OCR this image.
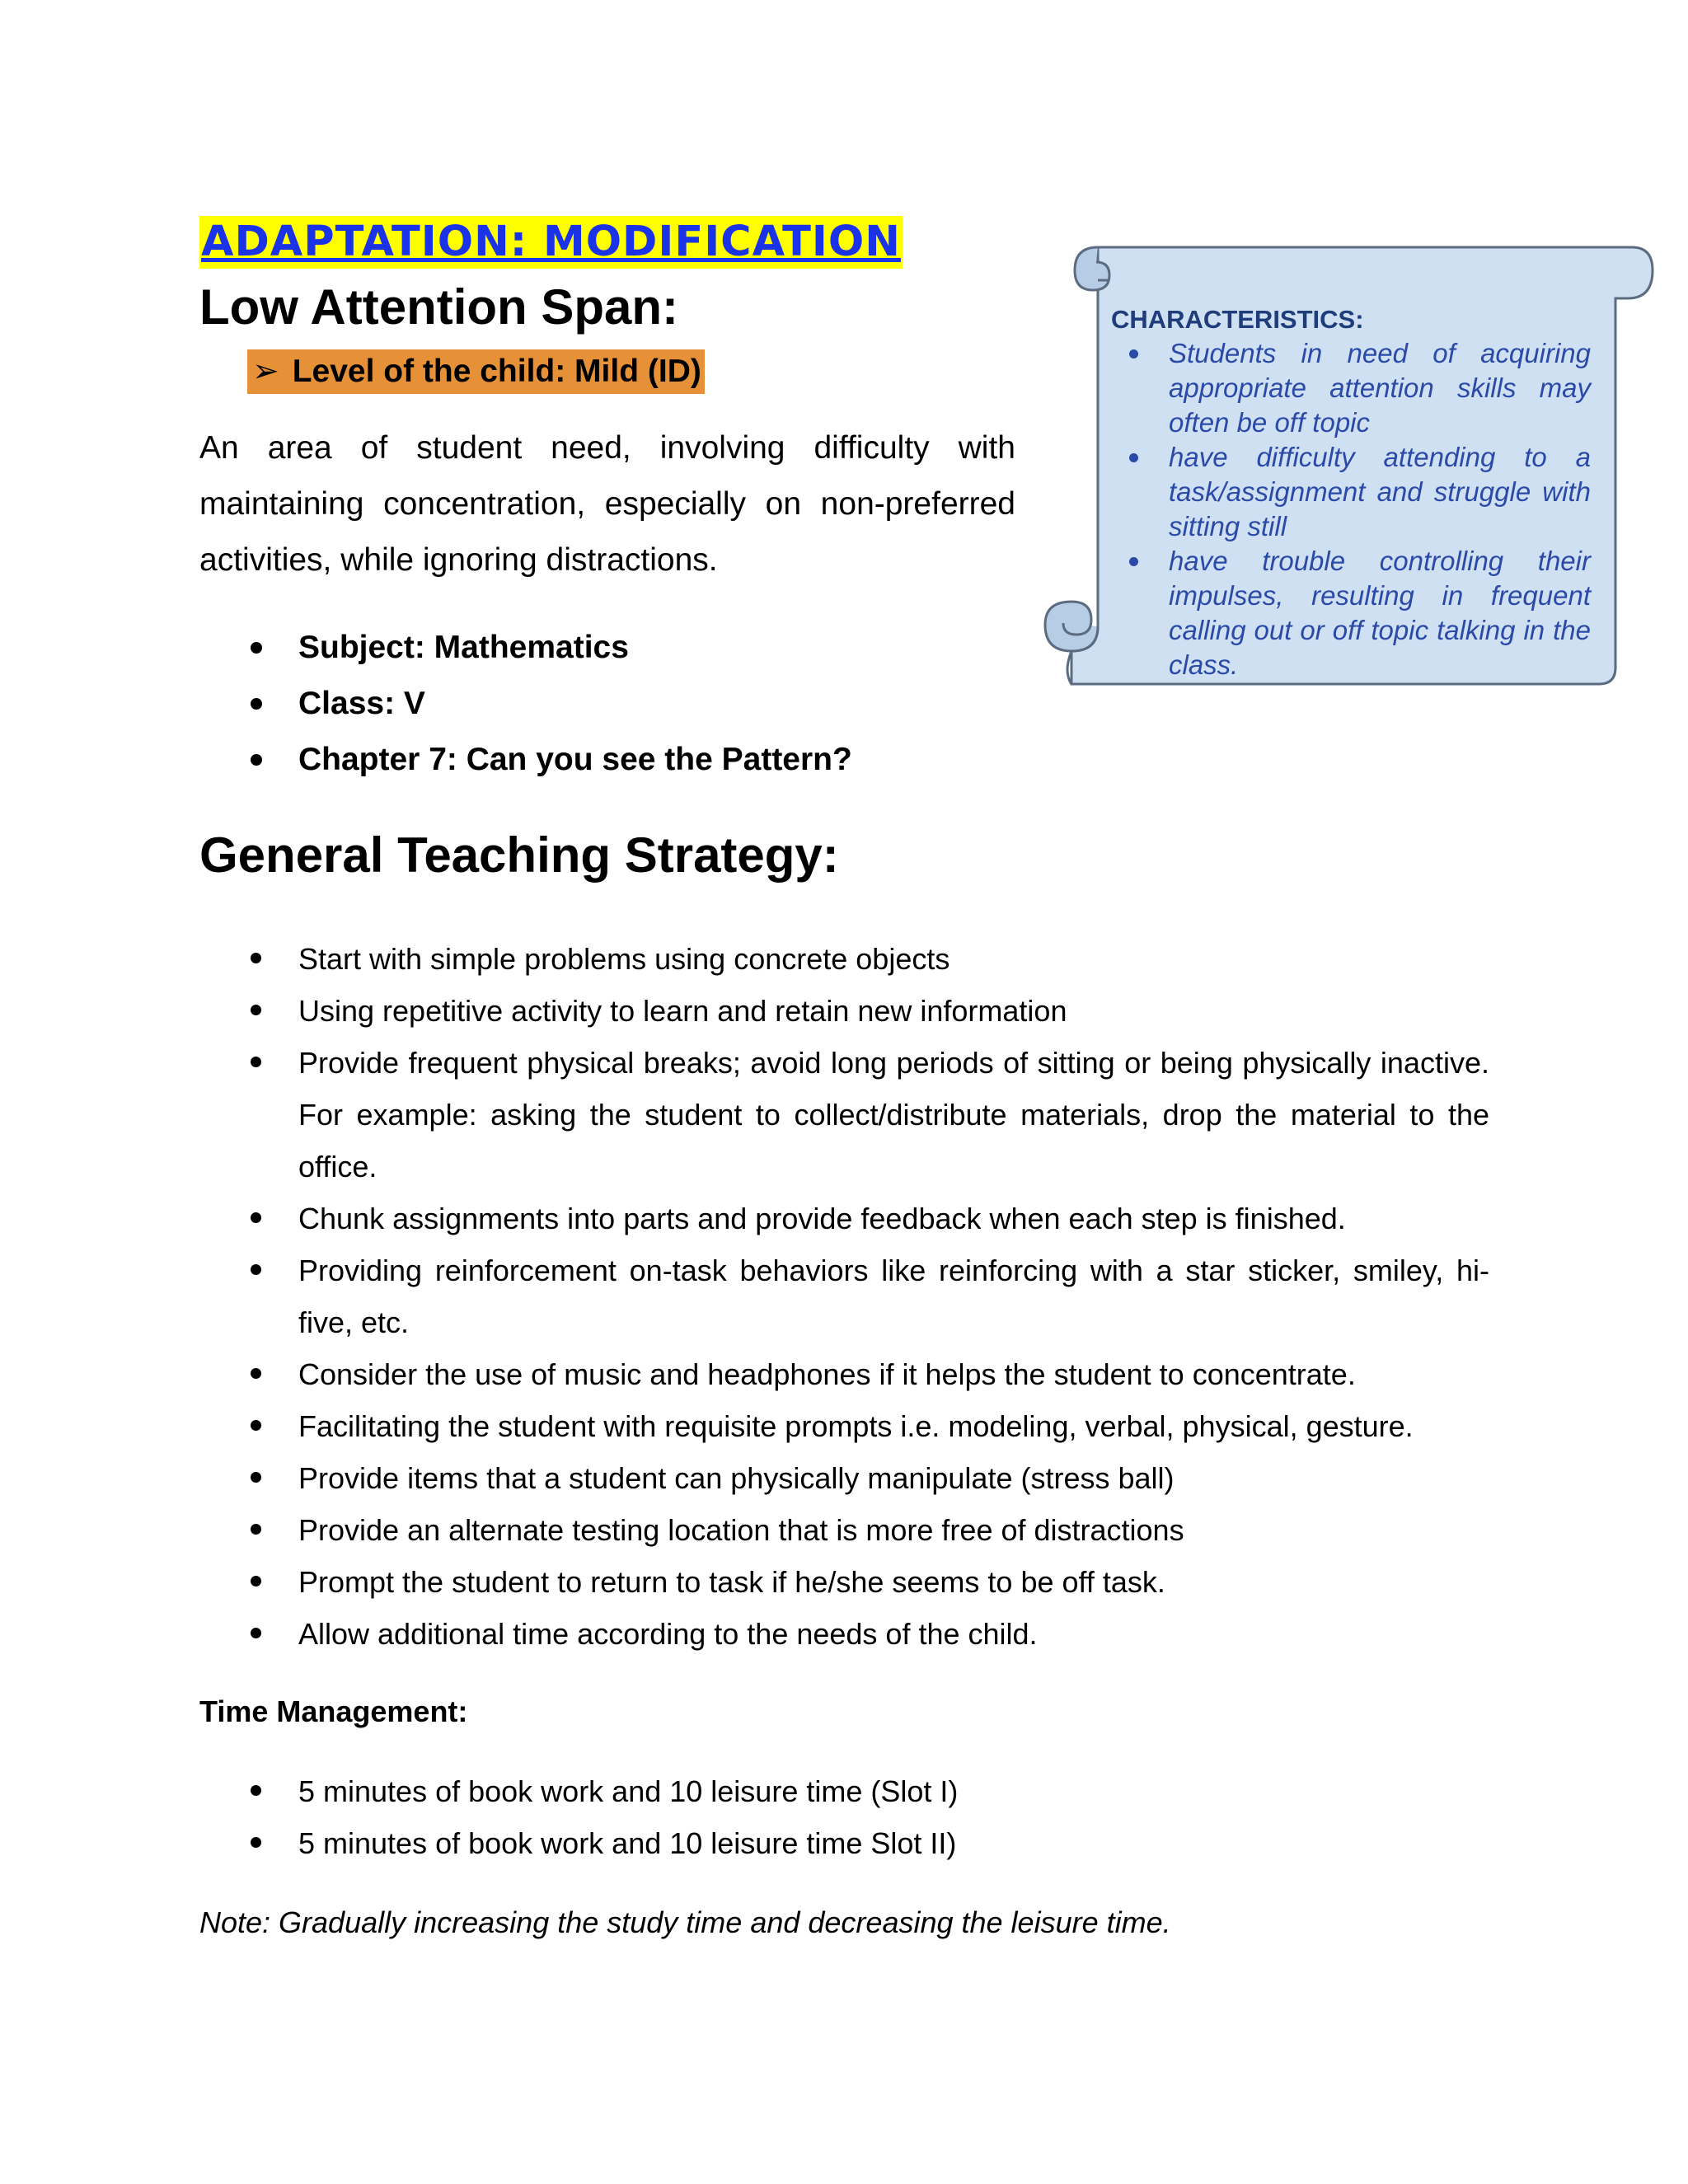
ADAPTATION: MODIFICATION
Low Attention Span:
➢ Level of the child: Mild (ID)

An area of student need, involving difficulty with maintaining concentration, especially on non-preferred activities, while ignoring distractions.

Subject: Mathematics
Class: V
Chapter 7: Can you see the Pattern?
CHARACTERISTICS:
Students in need of acquiring appropriate attention skills may often be off topic
have difficulty attending to a task/assignment and struggle with sitting still
have trouble controlling their impulses, resulting in frequent calling out or off topic talking in the class.
General Teaching Strategy:
Start with simple problems using concrete objects
Using repetitive activity to learn and retain new information
Provide frequent physical breaks; avoid long periods of sitting or being physically inactive. For example: asking the student to collect/distribute materials, drop the material to the office.
Chunk assignments into parts and provide feedback when each step is finished.
Providing reinforcement on-task behaviors like reinforcing with a star sticker, smiley, hi-five, etc.
Consider the use of music and headphones if it helps the student to concentrate.
Facilitating the student with requisite prompts i.e. modeling, verbal, physical, gesture.
Provide items that a student can physically manipulate (stress ball)
Provide an alternate testing location that is more free of distractions
Prompt the student to return to task if he/she seems to be off task.
Allow additional time according to the needs of the child.
Time Management:
5 minutes of book work and 10 leisure time (Slot I)
5 minutes of book work and 10 leisure time Slot II)
Note: Gradually increasing the study time and decreasing the leisure time.
